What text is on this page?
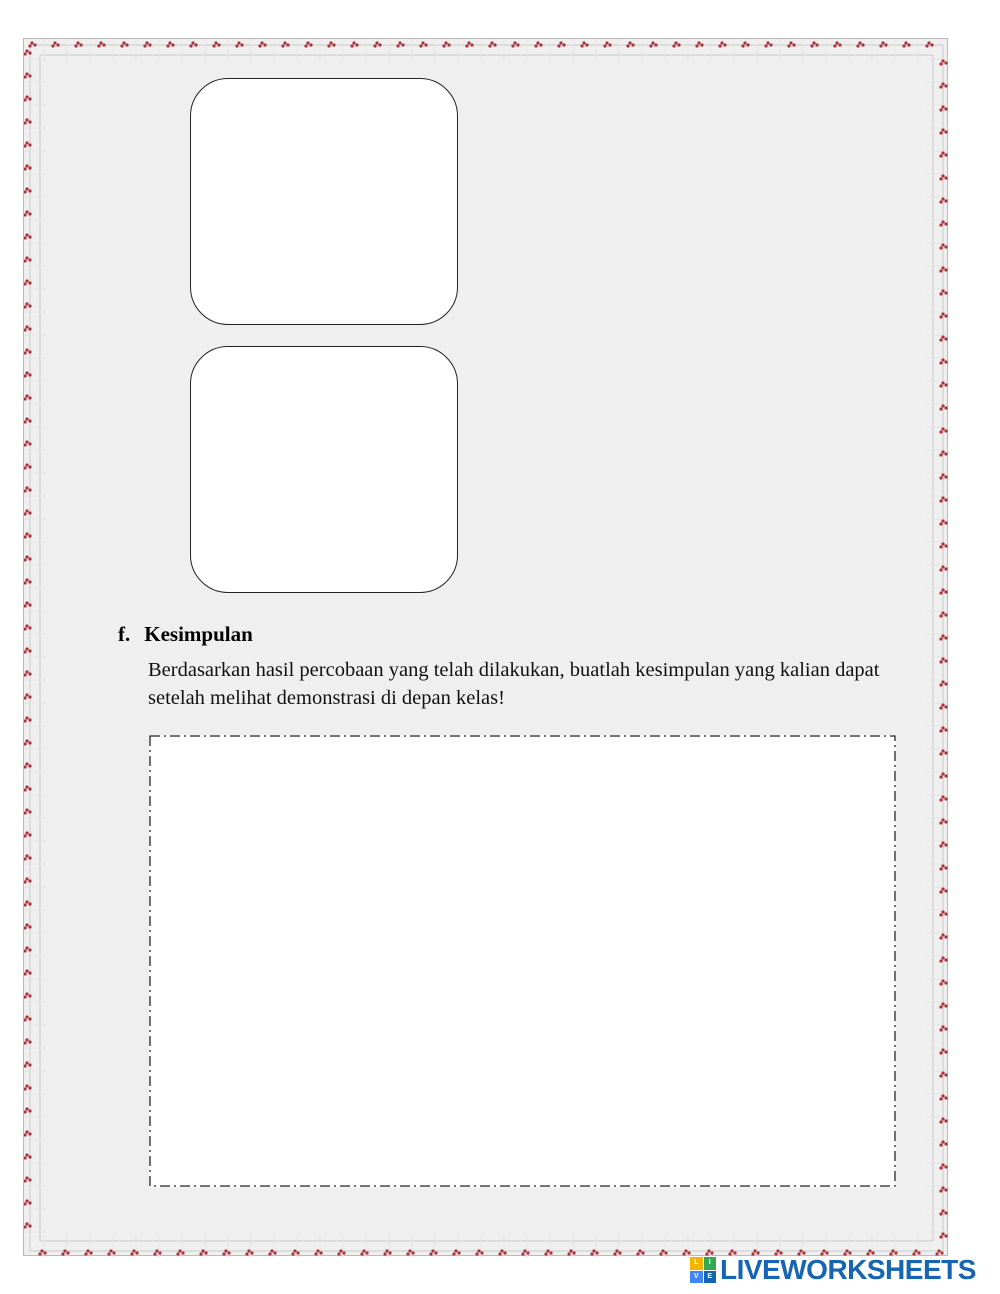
f. Kesimpulan
Berdasarkan hasil percobaan yang telah dilakukan, buatlah kesimpulan yang kalian dapat setelah melihat demonstrasi di depan kelas!
L	I
V	E LIVEWORKSHEETS
